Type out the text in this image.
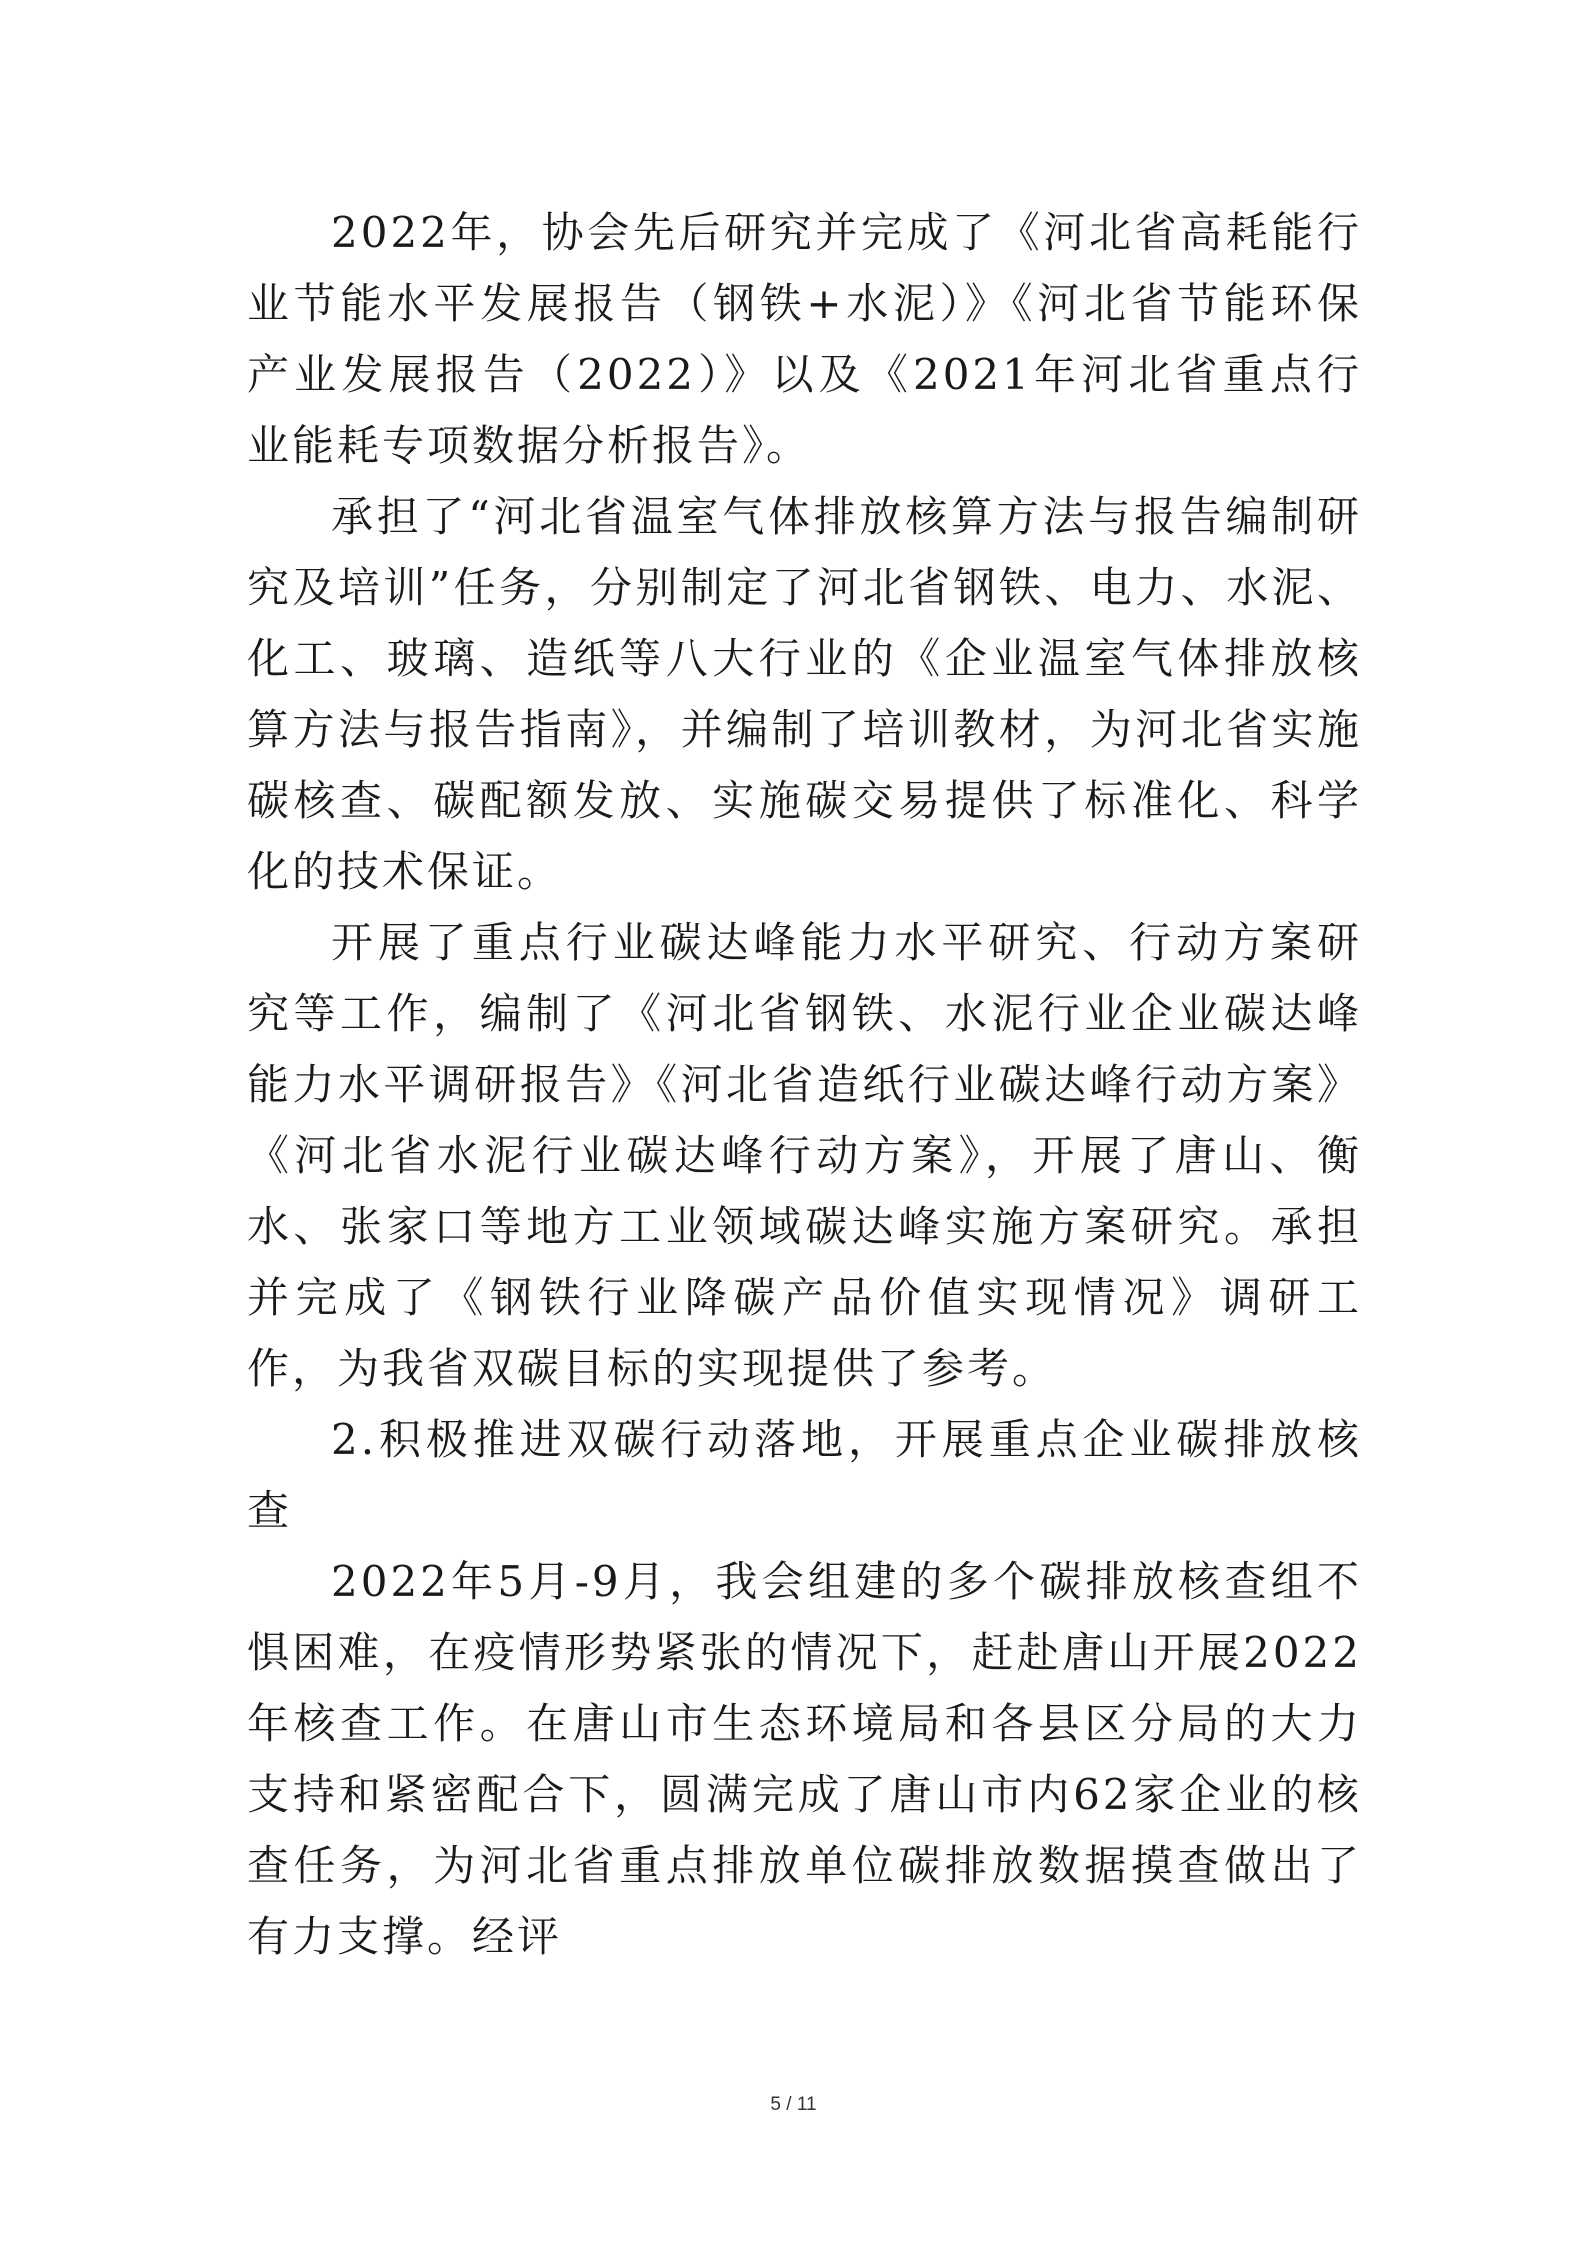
2022年，协会先后研究并完成了《河北省高耗能行业节能水平发展报告（钢铁+水泥）》《河北省节能环保产业发展报告（2022）》以及《2021年河北省重点行业能耗专项数据分析报告》。

承担了“河北省温室气体排放核算方法与报告编制研究及培训”任务，分别制定了河北省钢铁、电力、水泥、化工、玻璃、造纸等八大行业的《企业温室气体排放核算方法与报告指南》，并编制了培训教材，为河北省实施碳核查、碳配额发放、实施碳交易提供了标准化、科学化的技术保证。

开展了重点行业碳达峰能力水平研究、行动方案研究等工作，编制了《河北省钢铁、水泥行业企业碳达峰能力水平调研报告》《河北省造纸行业碳达峰行动方案》《河北省水泥行业碳达峰行动方案》，开展了唐山、衡水、张家口等地方工业领域碳达峰实施方案研究。承担并完成了《钢铁行业降碳产品价值实现情况》调研工作，为我省双碳目标的实现提供了参考。

2.积极推进双碳行动落地，开展重点企业碳排放核查

2022年5月-9月，我会组建的多个碳排放核查组不惧困难，在疫情形势紧张的情况下，赶赴唐山开展2022年核查工作。在唐山市生态环境局和各县区分局的大力支持和紧密配合下，圆满完成了唐山市内62家企业的核查任务，为河北省重点排放单位碳排放数据摸查做出了有力支撑。经评

5 / 11
